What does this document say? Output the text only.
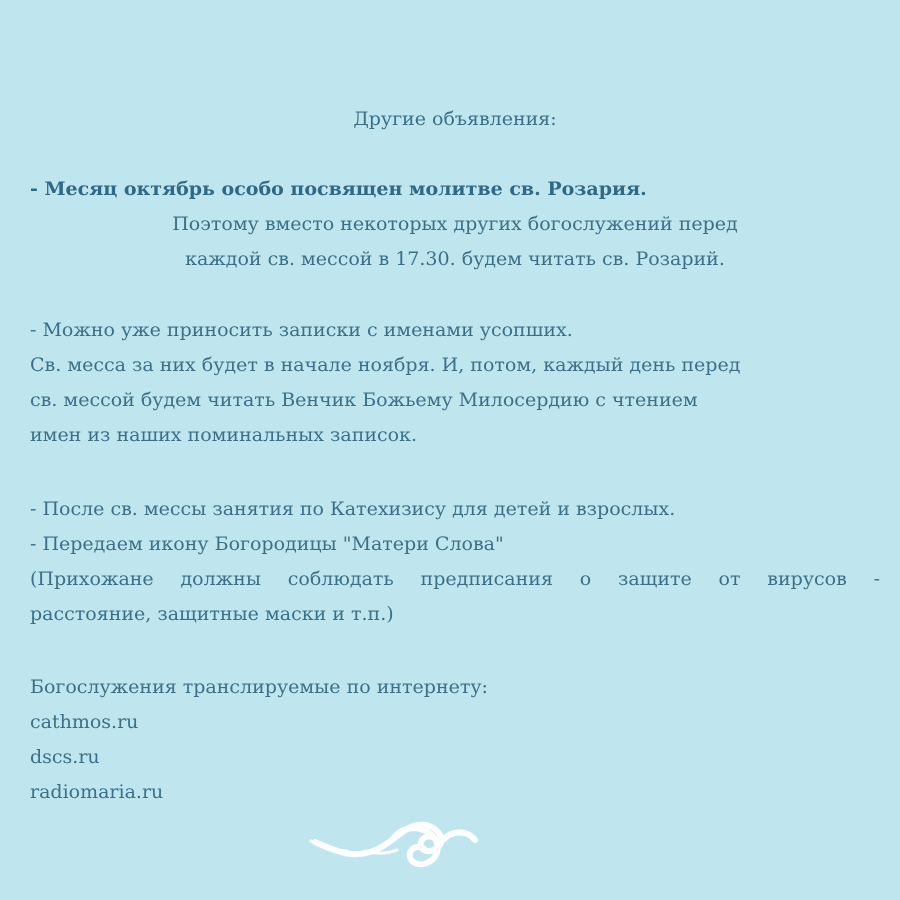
Другие объявления:
- Месяц октябрь особо посвящен молитве св. Розария.
Поэтому вместо некоторых других богослужений перед
каждой св. мессой в 17.30. будем читать св. Розарий.
- Можно уже приносить записки с именами усопших.
Св. месса за них будет в начале ноября. И, потом, каждый день перед
св. мессой будем читать Венчик Божьему Милосердию с чтением
имен из наших поминальных записок.
- После св. мессы занятия по Катехизису для детей и взрослых.
- Передаем икону Богородицы "Матери Слова"
(Прихожане должны соблюдать предписания о защите от вирусов -
расстояние, защитные маски и т.п.)
Богослужения транслируемые по интернету:
cathmos.ru
dscs.ru
radiomaria.ru
